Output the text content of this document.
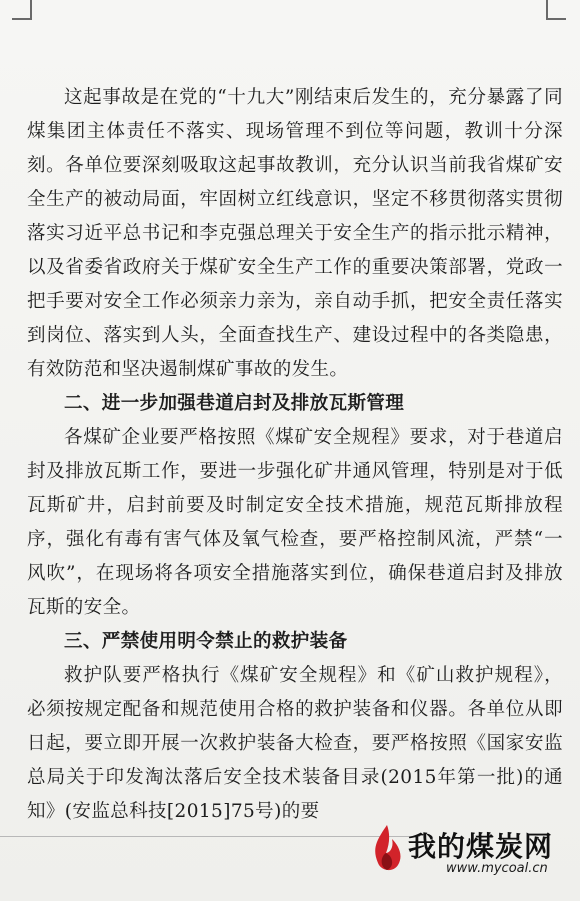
这起事故是在党的“十九大”刚结束后发生的，充分暴露了同煤集团主体责任不落实、现场管理不到位等问题，教训十分深刻。各单位要深刻吸取这起事故教训，充分认识当前我省煤矿安全生产的被动局面，牢固树立红线意识，坚定不移贯彻落实贯彻落实习近平总书记和李克强总理关于安全生产的指示批示精神，以及省委省政府关于煤矿安全生产工作的重要决策部署，党政一把手要对安全工作必须亲力亲为，亲自动手抓，把安全责任落实到岗位、落实到人头，全面查找生产、建设过程中的各类隐患，有效防范和坚决遏制煤矿事故的发生。

二、进一步加强巷道启封及排放瓦斯管理

各煤矿企业要严格按照《煤矿安全规程》要求，对于巷道启封及排放瓦斯工作，要进一步强化矿井通风管理，特别是对于低瓦斯矿井，启封前要及时制定安全技术措施，规范瓦斯排放程序，强化有毒有害气体及氧气检查，要严格控制风流，严禁“一风吹”，在现场将各项安全措施落实到位，确保巷道启封及排放瓦斯的安全。

三、严禁使用明令禁止的救护装备

救护队要严格执行《煤矿安全规程》和《矿山救护规程》，必须按规定配备和规范使用合格的救护装备和仪器。各单位从即日起，要立即开展一次救护装备大检查，要严格按照《国家安监总局关于印发淘汰落后安全技术装备目录(2015年第一批)的通知》(安监总科技[2015]75号)的要

我的煤炭网
www.mycoal.cn
